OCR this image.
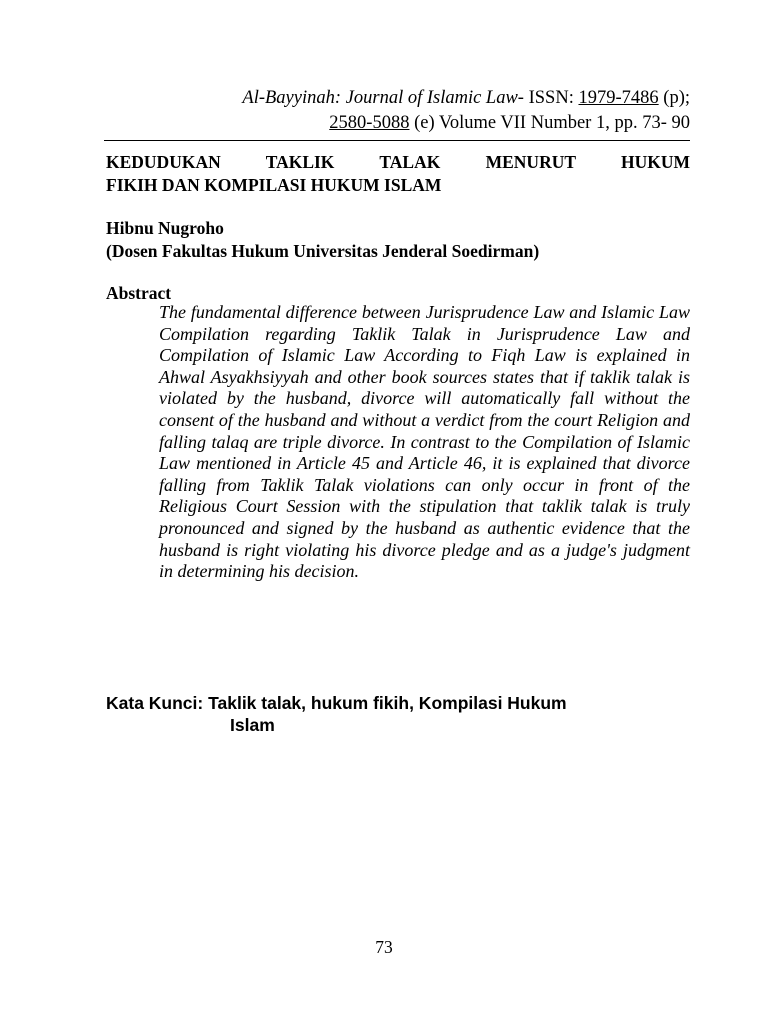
Al-Bayyinah: Journal of Islamic Law- ISSN: 1979-7486 (p);
2580-5088 (e) Volume VII Number 1, pp. 73- 90
KEDUDUKAN TAKLIK TALAK MENURUT HUKUM
FIKIH DAN KOMPILASI HUKUM ISLAM
Hibnu Nugroho
(Dosen Fakultas Hukum Universitas Jenderal Soedirman)
Abstract
The fundamental difference between Jurisprudence Law and Islamic Law Compilation regarding Taklik Talak in Jurisprudence Law and Compilation of Islamic Law According to Fiqh Law is explained in Ahwal Asyakhsiyyah and other book sources states that if taklik talak is violated by the husband, divorce will automatically fall without the consent of the husband and without a verdict from the court Religion and falling talaq are triple divorce. In contrast to the Compilation of Islamic Law mentioned in Article 45 and Article 46, it is explained that divorce falling from Taklik Talak violations can only occur in front of the Religious Court Session with the stipulation that taklik talak is truly pronounced and signed by the husband as authentic evidence that the husband is right violating his divorce pledge and as a judge's judgment in determining his decision.
Kata Kunci: Taklik talak, hukum fikih, Kompilasi Hukum
Islam
73
